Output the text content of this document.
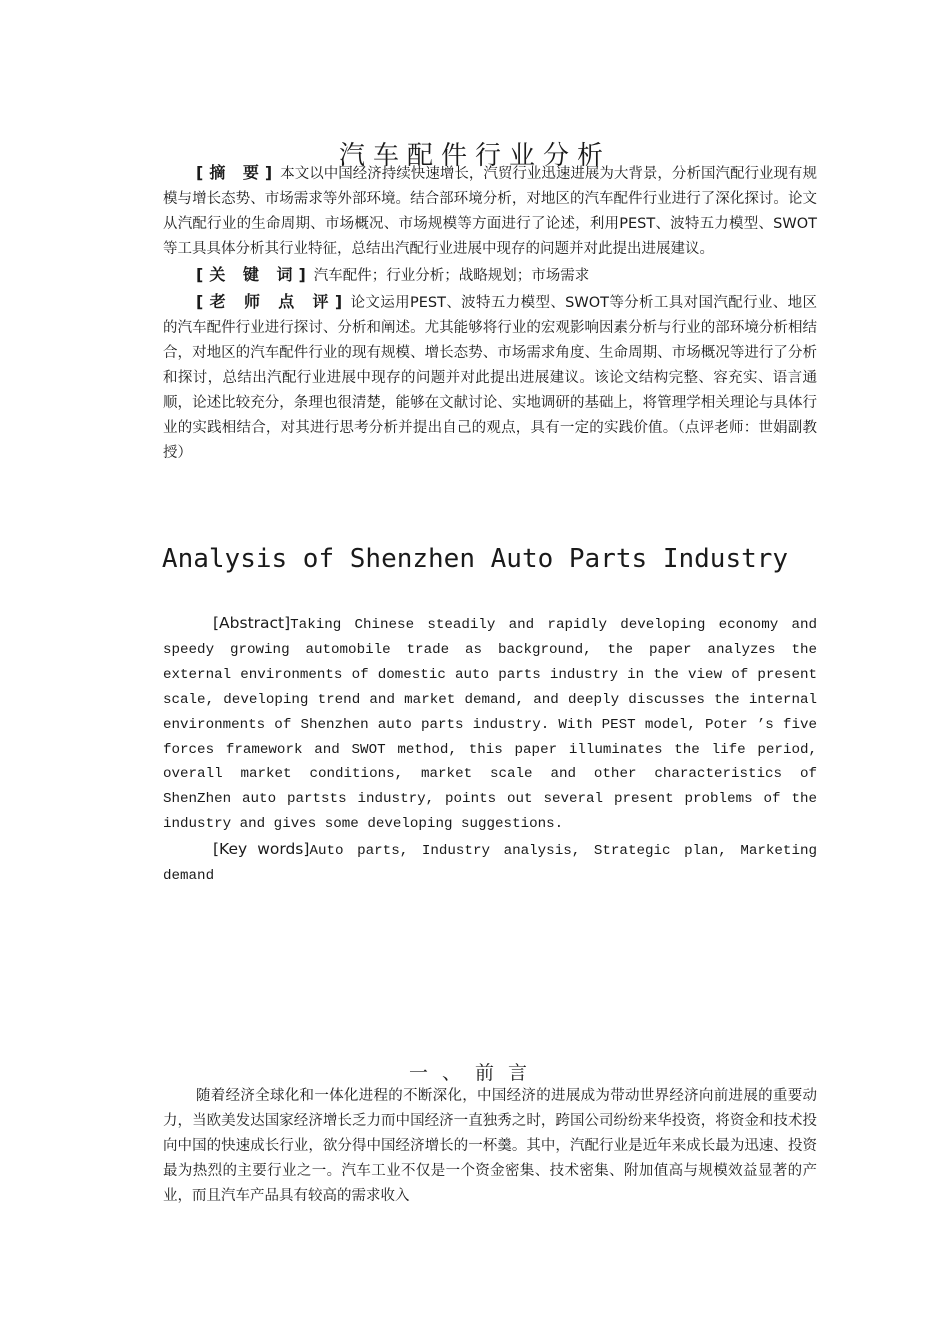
汽车配件行业分析

[摘 要] 本文以中国经济持续快速增长，汽贸行业迅速进展为大背景，分析国汽配行业现有规模与增长态势、市场需求等外部环境。结合部环境分析，对地区的汽车配件行业进行了深化探讨。论文从汽配行业的生命周期、市场概况、市场规模等方面进行了论述，利用PEST、波特五力模型、SWOT等工具具体分析其行业特征，总结出汽配行业进展中现存的问题并对此提出进展建议。

[关 键 词] 汽车配件；行业分析；战略规划；市场需求

[老 师 点 评] 论文运用PEST、波特五力模型、SWOT等分析工具对国汽配行业、地区的汽车配件行业进行探讨、分析和阐述。尤其能够将行业的宏观影响因素分析与行业的部环境分析相结合，对地区的汽车配件行业的现有规模、增长态势、市场需求角度、生命周期、市场概况等进行了分析和探讨，总结出汽配行业进展中现存的问题并对此提出进展建议。该论文结构完整、容充实、语言通顺，论述比较充分，条理也很清楚，能够在文献讨论、实地调研的基础上，将管理学相关理论与具体行业的实践相结合，对其进行思考分析并提出自己的观点，具有一定的实践价值。（点评老师：世娟副教授）

Analysis of Shenzhen Auto Parts Industry

[Abstract]Taking Chinese steadily and rapidly developing economy and speedy growing automobile trade as background, the paper analyzes the external environments of domestic auto parts industry in the view of present scale, developing trend and market demand, and deeply discusses the internal environments of Shenzhen auto parts industry. With PEST model, Poter ’s five forces framework and SWOT method, this paper illuminates the life period, overall market conditions, market scale and other characteristics of ShenZhen auto partsts industry, points out several present problems of the industry and gives some developing suggestions.

[Key words]Auto parts, Industry analysis, Strategic plan, Marketing demand

一、前言

随着经济全球化和一体化进程的不断深化，中国经济的进展成为带动世界经济向前进展的重要动力，当欧美发达国家经济增长乏力而中国经济一直独秀之时，跨国公司纷纷来华投资，将资金和技术投向中国的快速成长行业，欲分得中国经济增长的一杯羹。其中，汽配行业是近年来成长最为迅速、投资最为热烈的主要行业之一。汽车工业不仅是一个资金密集、技术密集、附加值高与规模效益显著的产业，而且汽车产品具有较高的需求收入
